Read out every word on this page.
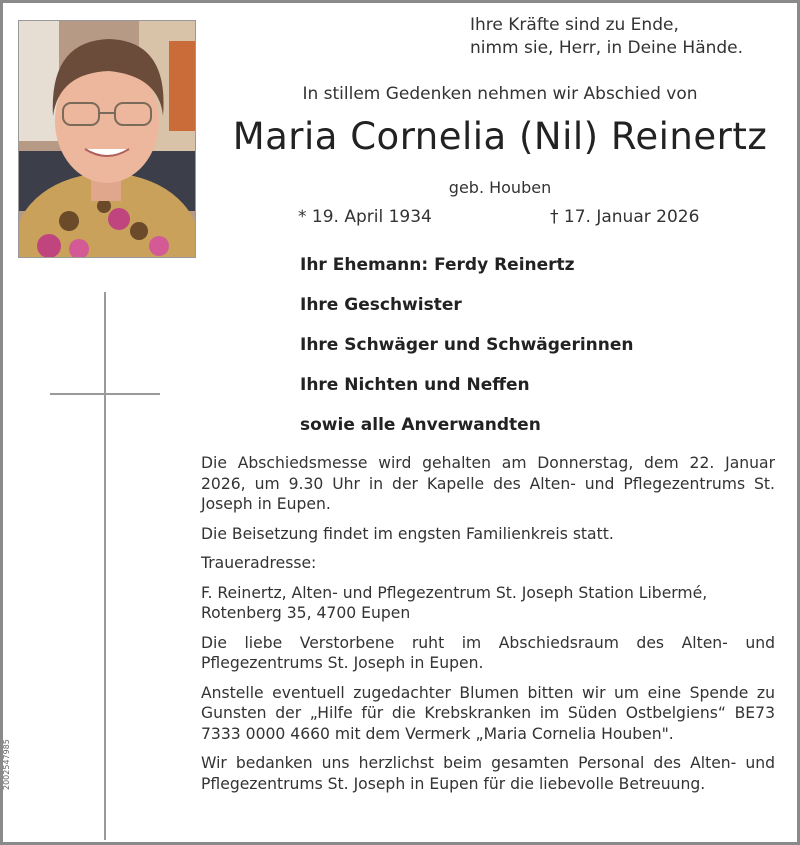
Ihre Kräfte sind zu Ende,
nimm sie, Herr, in Deine Hände.
In stillem Gedenken nehmen wir Abschied von
Maria Cornelia (Nil) Reinertz
geb. Houben
* 19. April 1934	† 17. Januar 2026
Ihr Ehemann: Ferdy Reinertz
Ihre Geschwister
Ihre Schwäger und Schwägerinnen
Ihre Nichten und Neffen
sowie alle Anverwandten

Die Abschiedsmesse wird gehalten am Donnerstag, dem 22. Januar 2026, um 9.30 Uhr in der Kapelle des Alten- und Pflegezentrums St. Joseph in Eupen.

Die Beisetzung findet im engsten Familienkreis statt.

Traueradresse:

F. Reinertz, Alten- und Pflegezentrum St. Joseph Station Libermé,

Rotenberg 35, 4700 Eupen

Die liebe Verstorbene ruht im Abschiedsraum des Alten- und Pflegezentrums St. Joseph in Eupen.

Anstelle eventuell zugedachter Blumen bitten wir um eine Spende zu Gunsten der „Hilfe für die Krebskranken im Süden Ostbelgiens“ BE73 7333 0000 4660 mit dem Vermerk „Maria Cornelia Houben".

Wir bedanken uns herzlichst beim gesamten Personal des Alten- und Pflegezentrums St. Joseph in Eupen für die liebevolle Betreuung.

2002547985
